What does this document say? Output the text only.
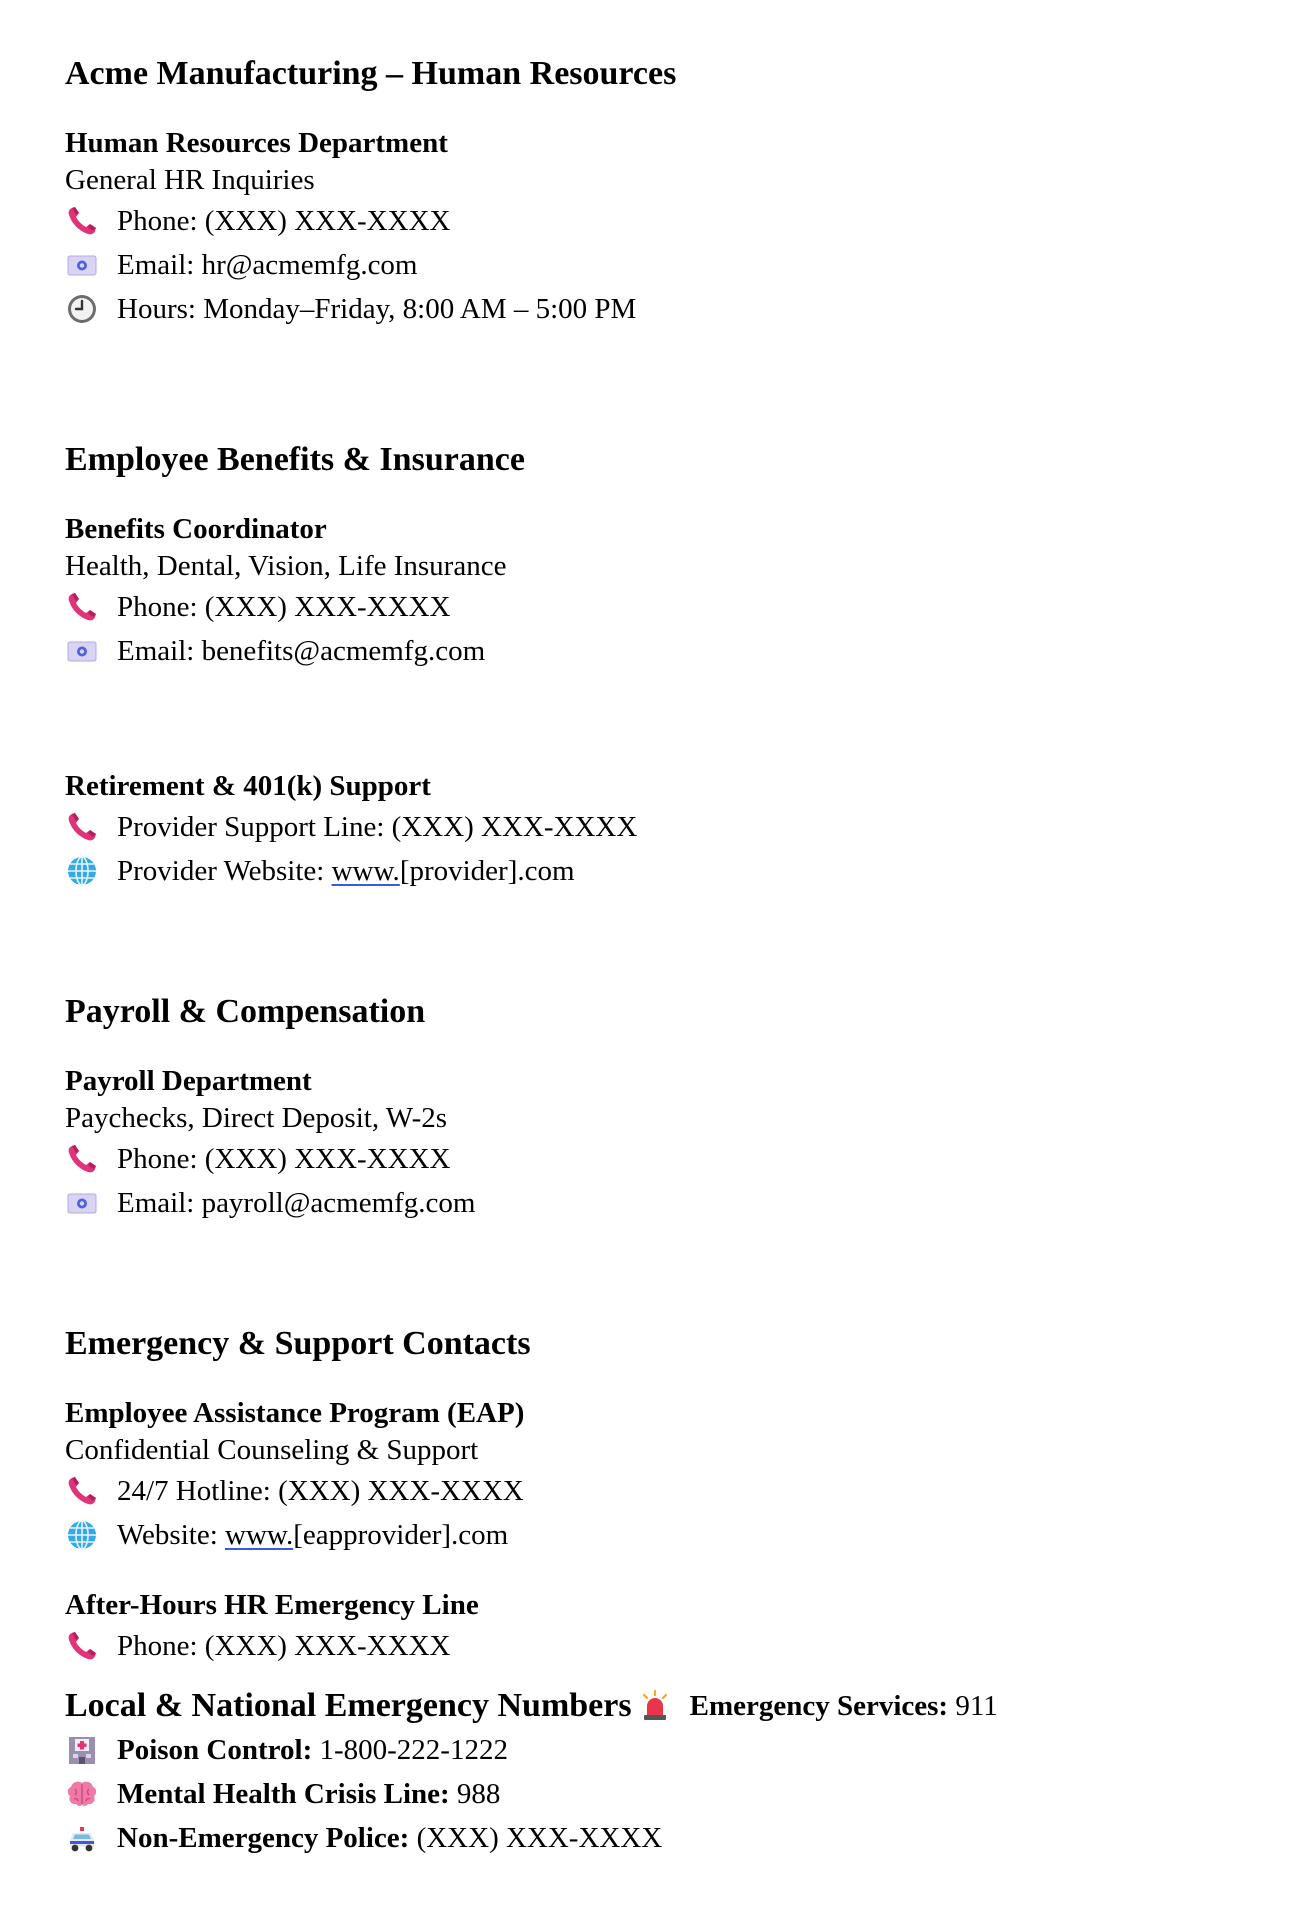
Acme Manufacturing – Human Resources
Human Resources Department
General HR Inquiries
Phone: (XXX) XXX-XXXX
Email: hr@acmemfg.com
Hours: Monday–Friday, 8:00 AM – 5:00 PM
Employee Benefits & Insurance
Benefits Coordinator
Health, Dental, Vision, Life Insurance
Phone: (XXX) XXX-XXXX
Email: benefits@acmemfg.com
Retirement & 401(k) Support
Provider Support Line: (XXX) XXX-XXXX
Provider Website: www. [provider].com
Payroll & Compensation
Payroll Department
Paychecks, Direct Deposit, W-2s
Phone: (XXX) XXX-XXXX
Email: payroll@acmemfg.com
Emergency & Support Contacts
Employee Assistance Program (EAP)
Confidential Counseling & Support
24/7 Hotline: (XXX) XXX-XXXX
Website: www. [eapprovider].com
After-Hours HR Emergency Line
Phone: (XXX) XXX-XXXX
Local & National Emergency Numbers Emergency Services: 911
Poison Control: 1-800-222-1222
Mental Health Crisis Line: 988
Non-Emergency Police: (XXX) XXX-XXXX
